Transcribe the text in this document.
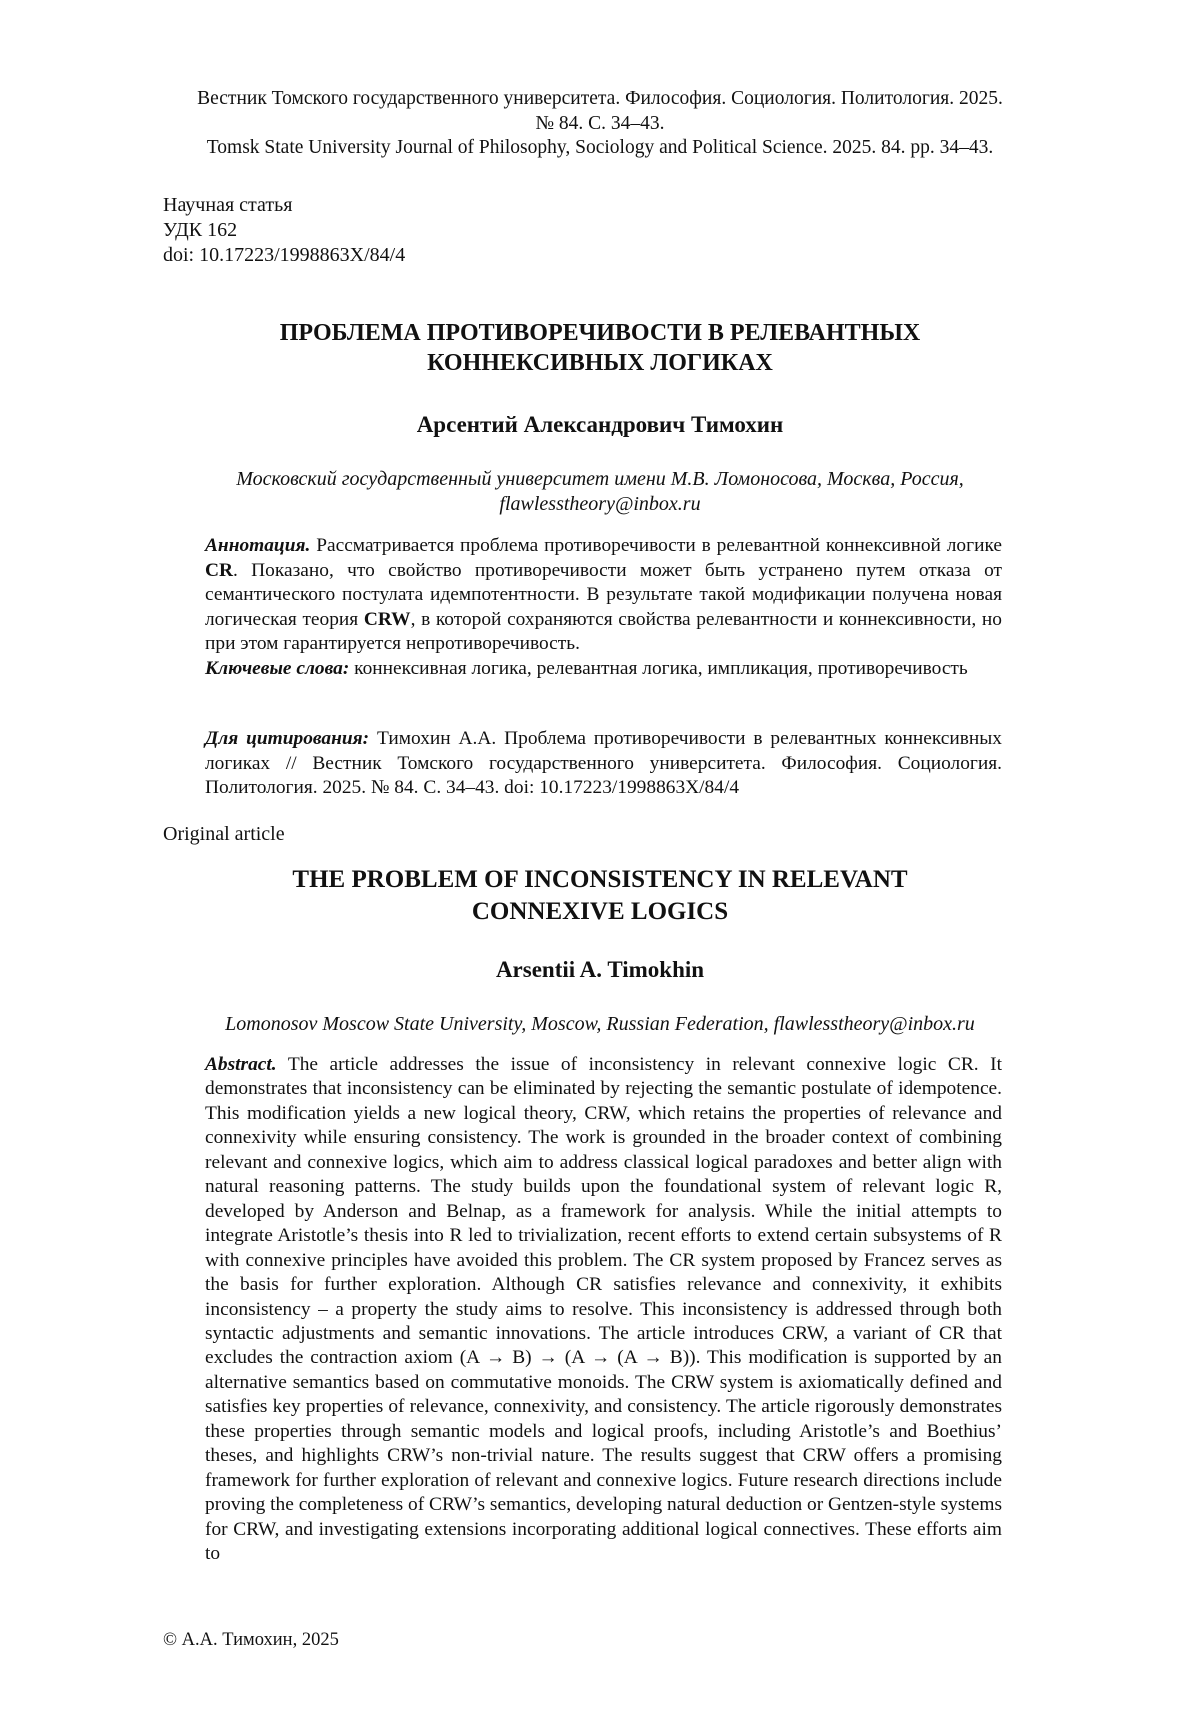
Вестник Томского государственного университета. Философия. Социология. Политология. 2025.
№ 84. С. 34–43.
Tomsk State University Journal of Philosophy, Sociology and Political Science. 2025. 84. pp. 34–43.
Научная статья
УДК 162
doi: 10.17223/1998863X/84/4
ПРОБЛЕМА ПРОТИВОРЕЧИВОСТИ В РЕЛЕВАНТНЫХ
КОННЕКСИВНЫХ ЛОГИКАХ
Арсентий Александрович Тимохин
Московский государственный университет имени М.В. Ломоносова, Москва, Россия,
flawlesstheory@inbox.ru

Аннотация. Рассматривается проблема противоречивости в релевантной коннексивной логике CR. Показано, что свойство противоречивости может быть устранено путем отказа от семантического постулата идемпотентности. В результате такой модификации получена новая логическая теория CRW, в которой сохраняются свойства релевантности и коннексивности, но при этом гарантируется непротиворечивость.

Ключевые слова: коннексивная логика, релевантная логика, импликация, противоречивость

Для цитирования: Тимохин А.А. Проблема противоречивости в релевантных коннексивных логиках // Вестник Томского государственного университета. Философия. Социология. Политология. 2025. № 84. С. 34–43. doi: 10.17223/1998863X/84/4

Original article
THE PROBLEM OF INCONSISTENCY IN RELEVANT
CONNEXIVE LOGICS
Arsentii A. Timokhin
Lomonosov Moscow State University, Moscow, Russian Federation, flawlesstheory@inbox.ru

Abstract. The article addresses the issue of inconsistency in relevant connexive logic CR. It demonstrates that inconsistency can be eliminated by rejecting the semantic postulate of idempotence. This modification yields a new logical theory, CRW, which retains the properties of relevance and connexivity while ensuring consistency. The work is grounded in the broader context of combining relevant and connexive logics, which aim to address classical logical paradoxes and better align with natural reasoning patterns. The study builds upon the foundational system of relevant logic R, developed by Anderson and Belnap, as a framework for analysis. While the initial attempts to integrate Aristotle’s thesis into R led to trivialization, recent efforts to extend certain subsystems of R with connexive principles have avoided this problem. The CR system proposed by Francez serves as the basis for further exploration. Although CR satisfies relevance and connexivity, it exhibits inconsistency – a property the study aims to resolve. This inconsistency is addressed through both syntactic adjustments and semantic innovations. The article introduces CRW, a variant of CR that excludes the contraction axiom (A → B) → (A → (A → B)). This modification is supported by an alternative semantics based on commutative monoids. The CRW system is axiomatically defined and satisfies key properties of relevance, connexivity, and consistency. The article rigorously demonstrates these properties through semantic models and logical proofs, including Aristotle’s and Boethius’ theses, and highlights CRW’s non-trivial nature. The results suggest that CRW offers a promising framework for further exploration of relevant and connexive logics. Future research directions include proving the completeness of CRW’s semantics, developing natural deduction or Gentzen-style systems for CRW, and investigating extensions incorporating additional logical connectives. These efforts aim to

© А.А. Тимохин, 2025
